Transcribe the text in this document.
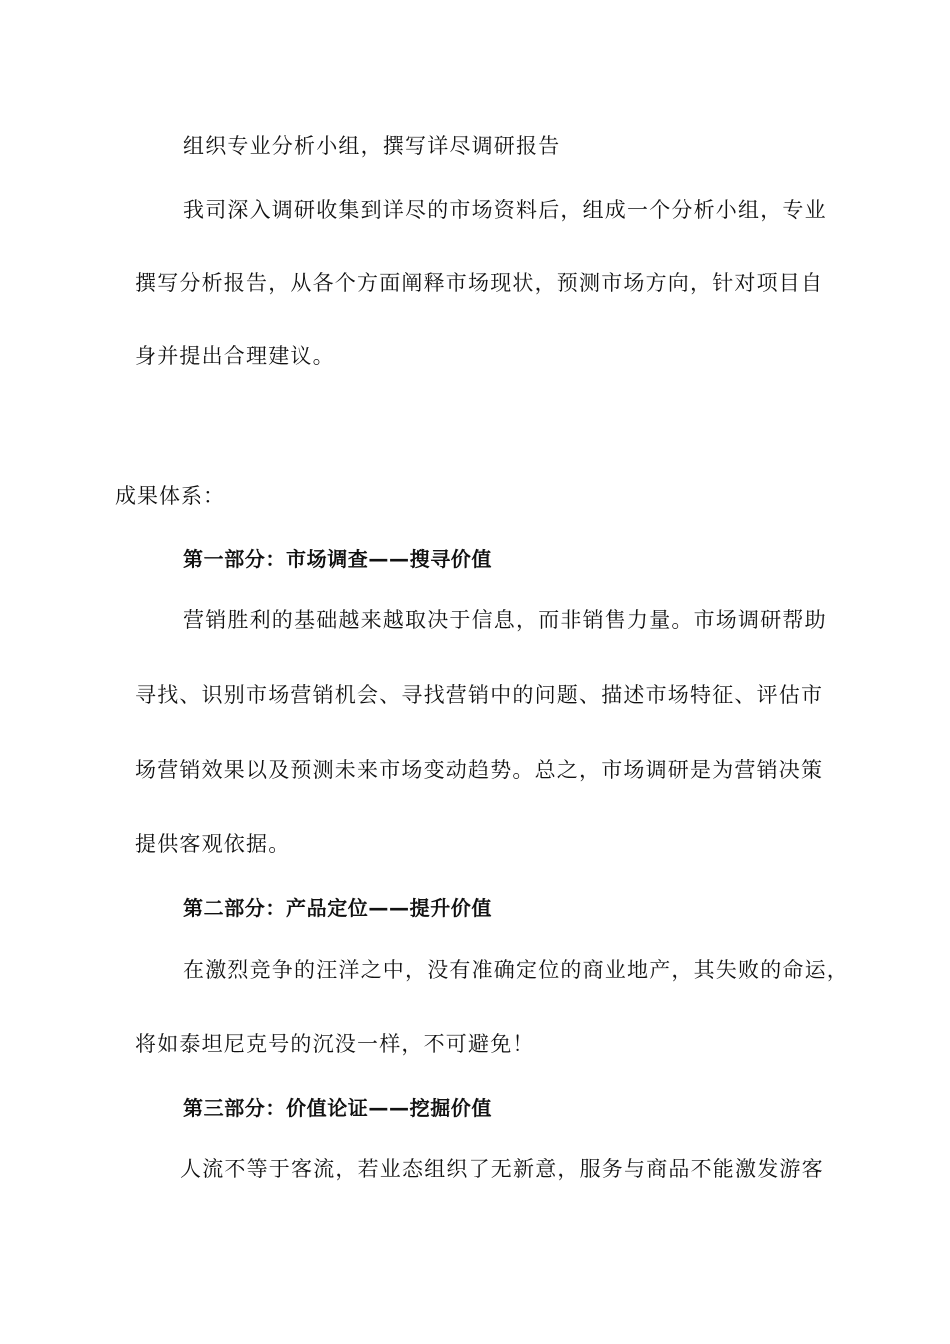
组织专业分析小组，撰写详尽调研报告
我司深入调研收集到详尽的市场资料后，组成一个分析小组，专业
撰写分析报告，从各个方面阐释市场现状，预测市场方向，针对项目自
身并提出合理建议。
成果体系：
第一部分：市场调查——搜寻价值
营销胜利的基础越来越取决于信息，而非销售力量。市场调研帮助
寻找、识别市场营销机会、寻找营销中的问题、描述市场特征、评估市
场营销效果以及预测未来市场变动趋势。总之，市场调研是为营销决策
提供客观依据。
第二部分：产品定位——提升价值
在激烈竞争的汪洋之中，没有准确定位的商业地产，其失败的命运，
将如泰坦尼克号的沉没一样，不可避免！
第三部分：价值论证——挖掘价值
人流不等于客流，若业态组织了无新意，服务与商品不能激发游客
